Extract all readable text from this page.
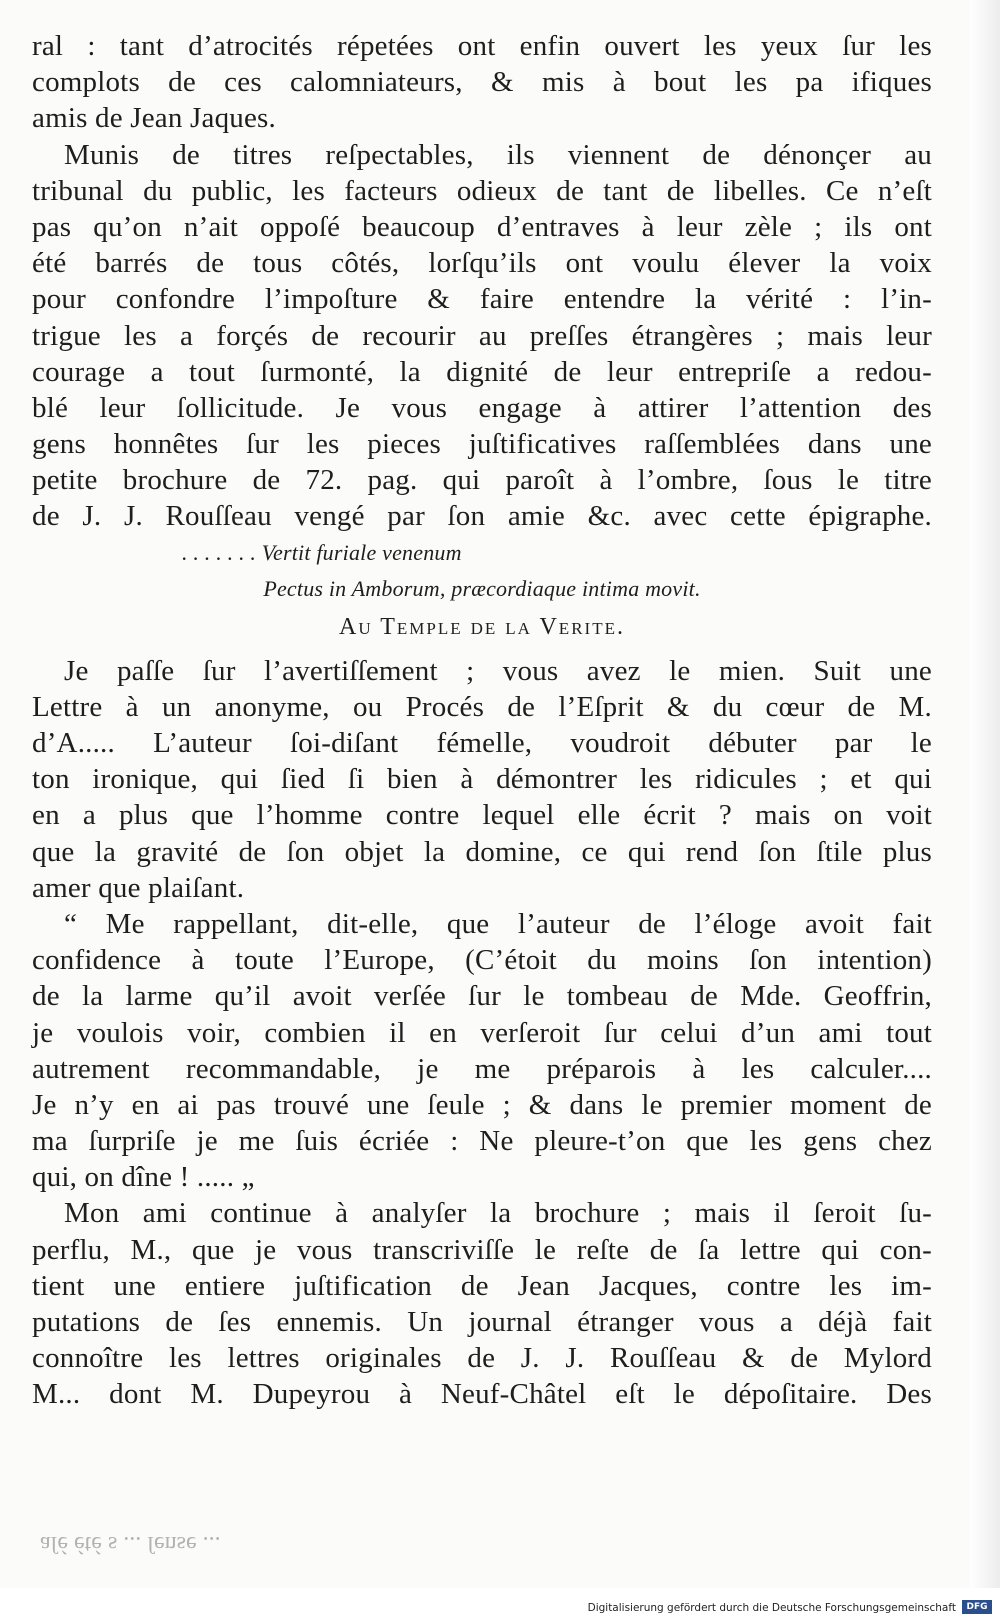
ral : tant d’atrocités répetées ont enfin ouvert les yeux ſur les
complots de ces calomniateurs, & mis à bout les pa ifiques
amis de Jean Jaques.
Munis de titres reſpectables, ils viennent de dénonçer au
tribunal du public, les facteurs odieux de tant de libelles. Ce n’eſt
pas qu’on n’ait oppoſé beaucoup d’entraves à leur zèle ; ils ont
été barrés de tous côtés, lorſqu’ils ont voulu élever la voix
pour confondre l’impoſture & faire entendre la vérité : l’in-
trigue les a forçés de recourir au preſſes étrangères ; mais leur
courage a tout ſurmonté, la dignité de leur entrepriſe a redou-
blé leur ſollicitude. Je vous engage à attirer l’attention des
gens honnêtes ſur les pieces juſtificatives raſſemblées dans une
petite brochure de 72. pag. qui paroît à l’ombre, ſous le titre
de J. J. Rouſſeau vengé par ſon amie &c. avec cette épigraphe.
. . . . . . . Vertit furiale venenum
Pectus in Amborum, præcordiaque intima movit.
Au Temple de la Verite.
Je paſſe ſur l’avertiſſement ; vous avez le mien. Suit une
Lettre à un anonyme, ou Procés de l’Eſprit & du cœur de M.
d’A..... L’auteur ſoi-diſant fémelle, voudroit débuter par le
ton ironique, qui ſied ſi bien à démontrer les ridicules ; et qui
en a plus que l’homme contre lequel elle écrit ? mais on voit
que la gravité de ſon objet la domine, ce qui rend ſon ſtile plus
amer que plaiſant.
“ Me rappellant, dit-elle, que l’auteur de l’éloge avoit fait
confidence à toute l’Europe, (C’étoit du moins ſon intention)
de la larme qu’il avoit verſée ſur le tombeau de Mde. Geoffrin,
je voulois voir, combien il en verſeroit ſur celui d’un ami tout
autrement recommandable, je me préparois à les calculer....
Je n’y en ai pas trouvé une ſeule ; & dans le premier moment de
ma ſurpriſe je me ſuis écriée : Ne pleure-t’on que les gens chez
qui, on dîne ! ..... „
Mon ami continue à analyſer la brochure ; mais il ſeroit ſu-
perflu, M., que je vous transcriviſſe le reſte de ſa lettre qui con-
tient une entiere juſtification de Jean Jacques, contre les im-
putations de ſes ennemis. Un journal étranger vous a déjà fait
connoître les lettres originales de J. J. Rouſſeau & de Mylord
M... dont M. Dupeyrou à Neuf-Châtel eſt le dépoſitaire. Des
aſé été s ... ſense ...
Digitalisierung gefördert durch die Deutsche Forschungsgemeinschaft	DFG
